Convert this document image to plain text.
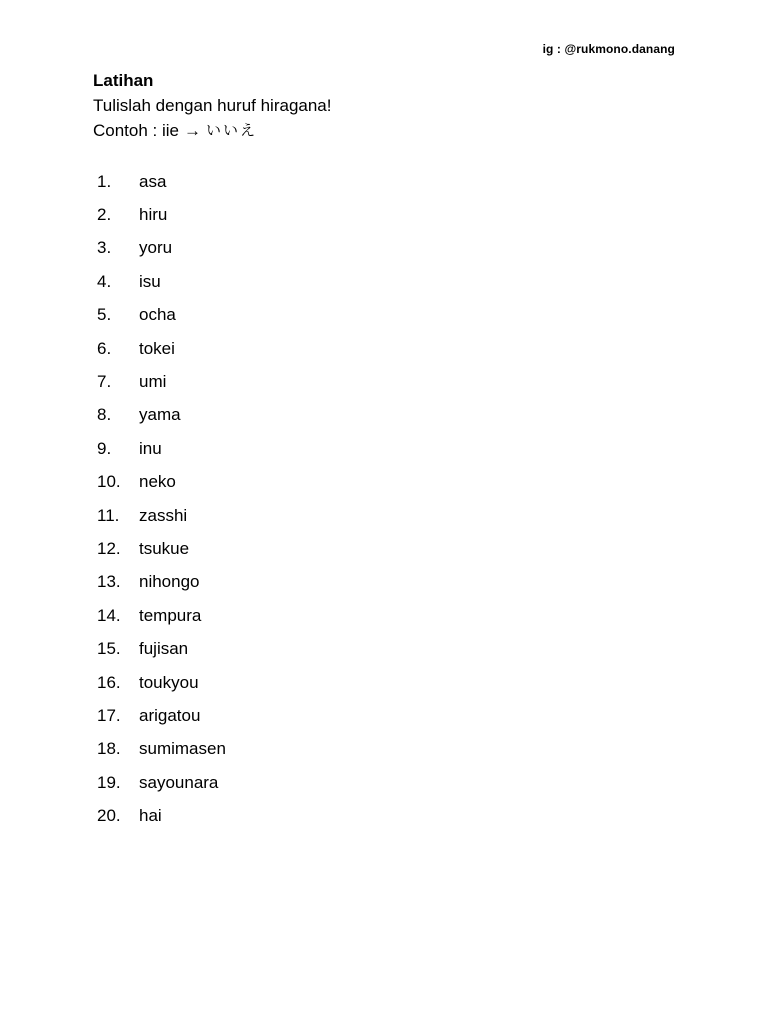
ig : @rukmono.danang
Latihan
Tulislah dengan huruf hiragana!
Contoh : iie → いいえ
1.	asa
2.	hiru
3.	yoru
4.	isu
5.	ocha
6.	tokei
7.	umi
8.	yama
9.	inu
10.	neko
11.	zasshi
12.	tsukue
13.	nihongo
14.	tempura
15.	fujisan
16.	toukyou
17.	arigatou
18.	sumimasen
19.	sayounara
20.	hai
